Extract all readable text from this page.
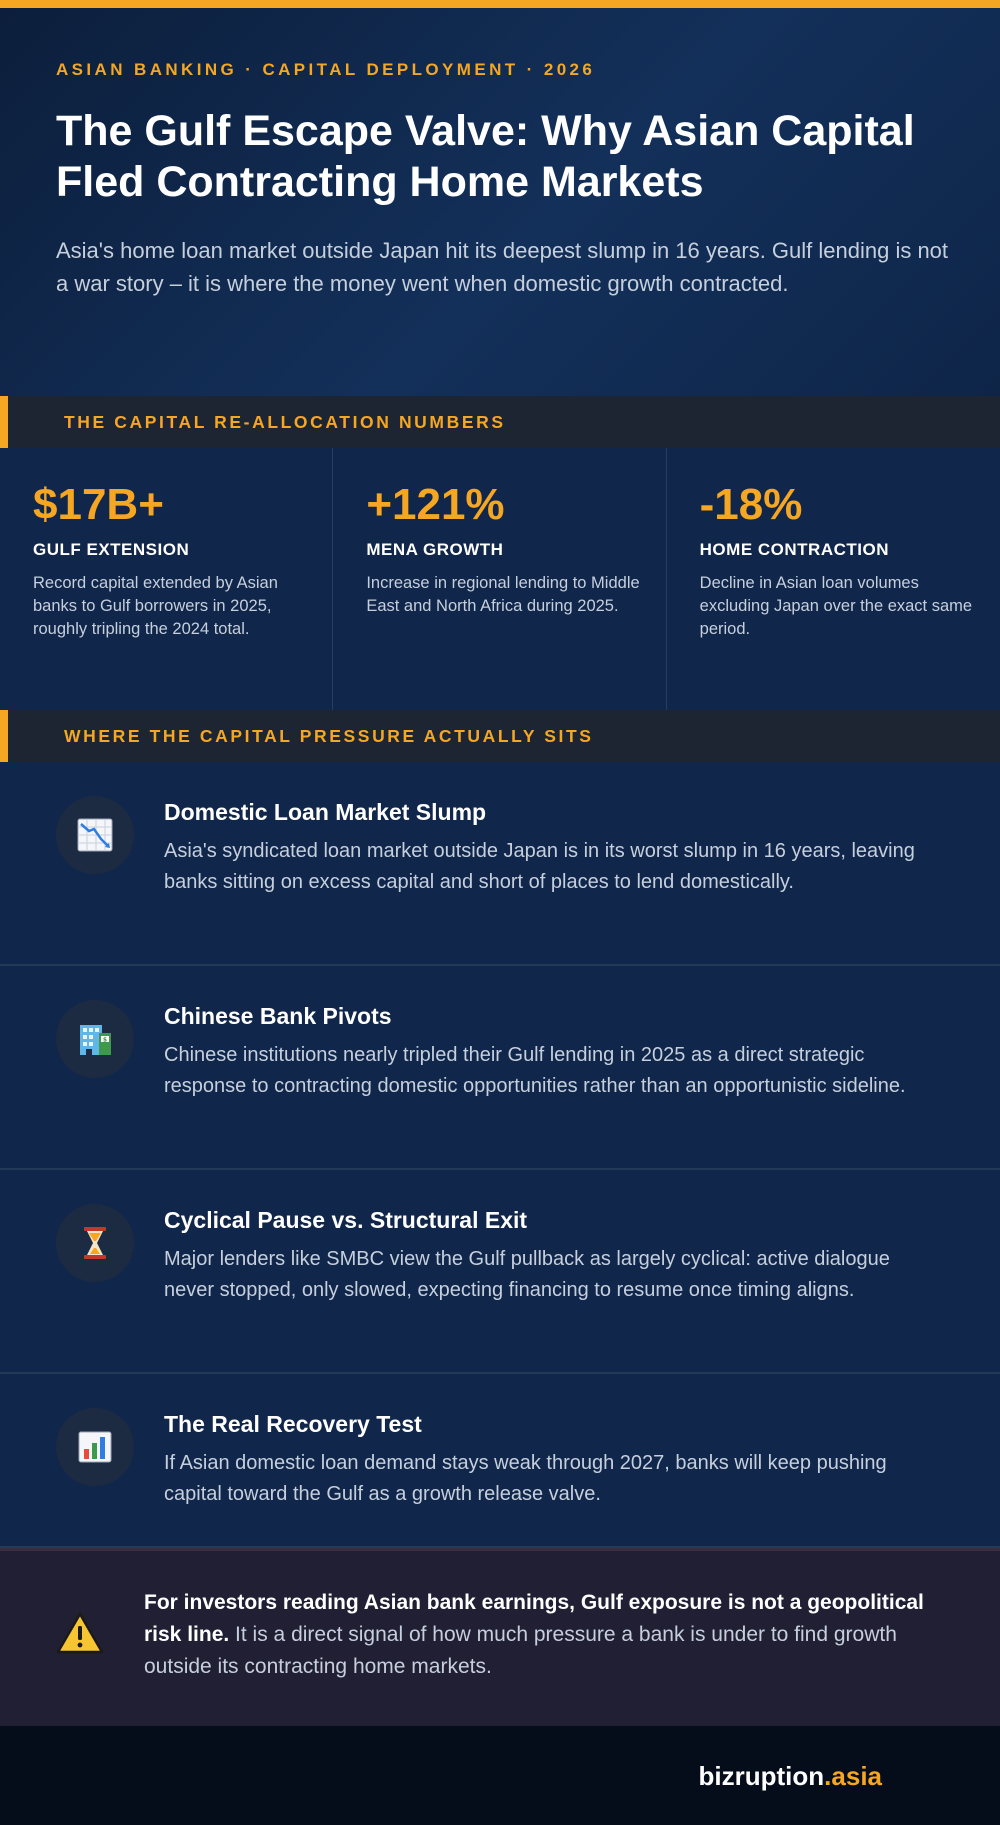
ASIAN BANKING · CAPITAL DEPLOYMENT · 2026
The Gulf Escape Valve: Why Asian Capital Fled Contracting Home Markets

Asia's home loan market outside Japan hit its deepest slump in 16 years. Gulf lending is not a war story – it is where the money went when domestic growth contracted.

THE CAPITAL RE-ALLOCATION NUMBERS
$17B+
GULF EXTENSION
Record capital extended by Asian banks to Gulf borrowers in 2025, roughly tripling the 2024 total.
+121%
MENA GROWTH
Increase in regional lending to Middle East and North Africa during 2025.
-18%
HOME CONTRACTION
Decline in Asian loan volumes excluding Japan over the exact same period.
WHERE THE CAPITAL PRESSURE ACTUALLY SITS
Domestic Loan Market Slump
Asia's syndicated loan market outside Japan is in its worst slump in 16 years, leaving banks sitting on excess capital and short of places to lend domestically.
$
Chinese Bank Pivots
Chinese institutions nearly tripled their Gulf lending in 2025 as a direct strategic response to contracting domestic opportunities rather than an opportunistic sideline.
Cyclical Pause vs. Structural Exit
Major lenders like SMBC view the Gulf pullback as largely cyclical: active dialogue never stopped, only slowed, expecting financing to resume once timing aligns.
The Real Recovery Test
If Asian domestic loan demand stays weak through 2027, banks will keep pushing capital toward the Gulf as a growth release valve.

For investors reading Asian bank earnings, Gulf exposure is not a geopolitical risk line. It is a direct signal of how much pressure a bank is under to find growth outside its contracting home markets.

bizruption.asia
